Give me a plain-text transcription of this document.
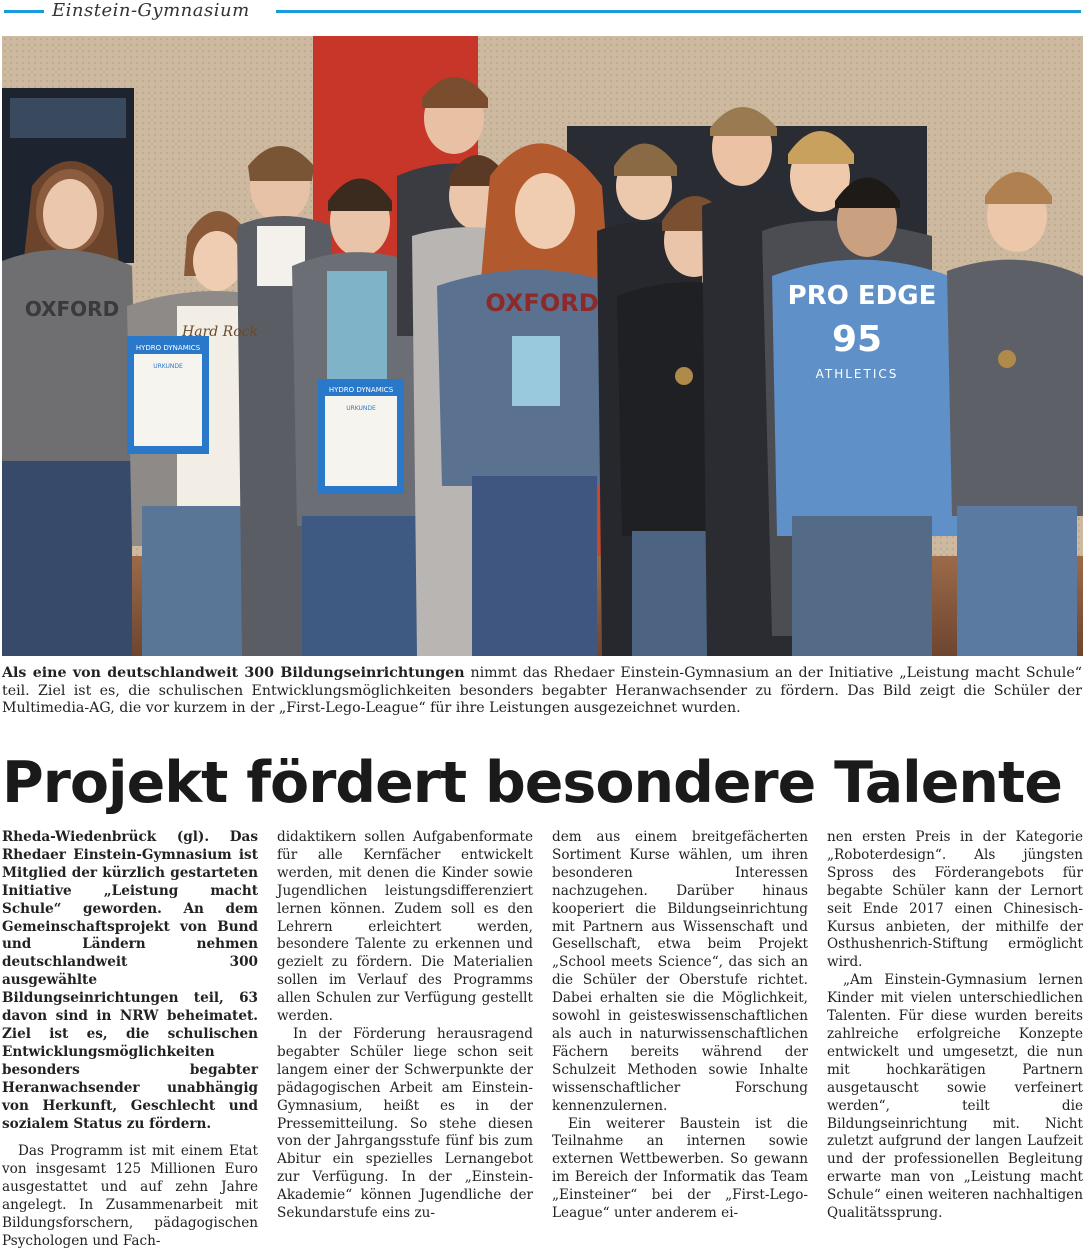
Einstein-Gymnasium
HYDRO DYNAMICS
URKUNDE
HYDRO DYNAMICS
URKUNDE
OXFORD
Hard Rock
OXFORD	PRO EDGE
95
ATHLETICS
Als eine von deutschlandweit 300 Bildungseinrichtungen nimmt das Rhedaer Einstein-Gymnasium an der Initiative „Leistung macht Schule“ teil. Ziel ist es, die schulischen Entwicklungsmöglichkeiten besonders begabter Heranwachsender zu fördern. Das Bild zeigt die Schüler der Multimedia-AG, die vor kurzem in der „First-Lego-League“ für ihre Leistungen ausgezeichnet wurden.
Projekt fördert besondere Talente

Rheda-Wiedenbrück (gl). Das Rhedaer Einstein-Gymnasium ist Mitglied der kürzlich gestarteten Initiative „Leistung macht Schule“ geworden. An dem Gemeinschaftsprojekt von Bund und Ländern nehmen deutschlandweit 300 ausgewählte Bildungseinrichtungen teil, 63 davon sind in NRW beheimatet. Ziel ist es, die schulischen Entwicklungsmöglichkeiten besonders begabter Heranwachsender unabhängig von Herkunft, Geschlecht und sozialem Status zu fördern.

Das Programm ist mit einem Etat von insgesamt 125 Millionen Euro ausgestattet und auf zehn Jahre angelegt. In Zusammenarbeit mit Bildungsforschern, pädagogischen Psychologen und Fach-

didaktikern sollen Aufgabenformate für alle Kernfächer entwickelt werden, mit denen die Kinder sowie Jugendlichen leistungsdifferenziert lernen können. Zudem soll es den Lehrern erleichtert werden, besondere Talente zu erkennen und gezielt zu fördern. Die Materialien sollen im Verlauf des Programms allen Schulen zur Verfügung gestellt werden.

In der Förderung herausragend begabter Schüler liege schon seit langem einer der Schwerpunkte der pädagogischen Arbeit am Einstein-Gymnasium, heißt es in der Pressemitteilung. So stehe diesen von der Jahrgangsstufe fünf bis zum Abitur ein spezielles Lernangebot zur Verfügung. In der „Einstein-Akademie“ können Jugendliche der Sekundarstufe eins zu-

dem aus einem breitgefächerten Sortiment Kurse wählen, um ihren besonderen Interessen nachzugehen. Darüber hinaus kooperiert die Bildungseinrichtung mit Partnern aus Wissenschaft und Gesellschaft, etwa beim Projekt „School meets Science“, das sich an die Schüler der Oberstufe richtet. Dabei erhalten sie die Möglichkeit, sowohl in geisteswissenschaftlichen als auch in naturwissenschaftlichen Fächern bereits während der Schulzeit Methoden sowie Inhalte wissenschaftlicher Forschung kennenzulernen.

Ein weiterer Baustein ist die Teilnahme an internen sowie externen Wettbewerben. So gewann im Bereich der Informatik das Team „Einsteiner“ bei der „First-Lego-League“ unter anderem ei-

nen ersten Preis in der Kategorie „Roboterdesign“. Als jüngsten Spross des Förderangebots für begabte Schüler kann der Lernort seit Ende 2017 einen Chinesisch-Kursus anbieten, der mithilfe der Osthushenrich-Stiftung ermöglicht wird.

„Am Einstein-Gymnasium lernen Kinder mit vielen unterschiedlichen Talenten. Für diese wurden bereits zahlreiche erfolgreiche Konzepte entwickelt und umgesetzt, die nun mit hochkarätigen Partnern ausgetauscht sowie verfeinert werden“, teilt die Bildungseinrichtung mit. Nicht zuletzt aufgrund der langen Laufzeit und der professionellen Begleitung erwarte man von „Leistung macht Schule“ einen weiteren nachhaltigen Qualitätssprung.
